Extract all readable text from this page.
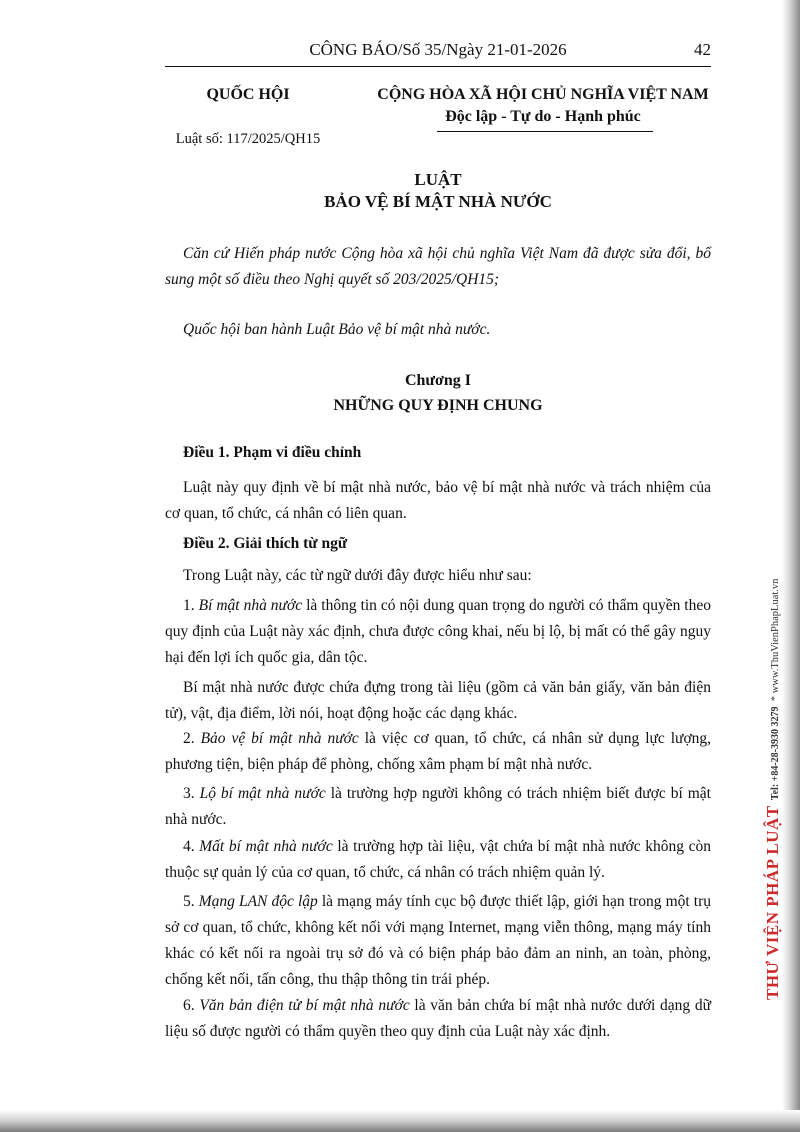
CÔNG BÁO/Số 35/Ngày 21-01-2026	42
QUỐC HỘI
Luật số: 117/2025/QH15
CỘNG HÒA XÃ HỘI CHỦ NGHĨA VIỆT NAM
Độc lập - Tự do - Hạnh phúc
LUẬT
BẢO VỆ BÍ MẬT NHÀ NƯỚC
Căn cứ Hiến pháp nước Cộng hòa xã hội chủ nghĩa Việt Nam đã được sửa đổi, bổ sung một số điều theo Nghị quyết số 203/2025/QH15;
Quốc hội ban hành Luật Bảo vệ bí mật nhà nước.
Chương I
NHỮNG QUY ĐỊNH CHUNG
Điều 1. Phạm vi điều chỉnh
Luật này quy định về bí mật nhà nước, bảo vệ bí mật nhà nước và trách nhiệm của cơ quan, tổ chức, cá nhân có liên quan.
Điều 2. Giải thích từ ngữ
Trong Luật này, các từ ngữ dưới đây được hiểu như sau:
1. Bí mật nhà nước là thông tin có nội dung quan trọng do người có thẩm quyền theo quy định của Luật này xác định, chưa được công khai, nếu bị lộ, bị mất có thể gây nguy hại đến lợi ích quốc gia, dân tộc.
Bí mật nhà nước được chứa đựng trong tài liệu (gồm cả văn bản giấy, văn bản điện tử), vật, địa điểm, lời nói, hoạt động hoặc các dạng khác.
2. Bảo vệ bí mật nhà nước là việc cơ quan, tổ chức, cá nhân sử dụng lực lượng, phương tiện, biện pháp để phòng, chống xâm phạm bí mật nhà nước.
3. Lộ bí mật nhà nước là trường hợp người không có trách nhiệm biết được bí mật nhà nước.
4. Mất bí mật nhà nước là trường hợp tài liệu, vật chứa bí mật nhà nước không còn thuộc sự quản lý của cơ quan, tổ chức, cá nhân có trách nhiệm quản lý.
5. Mạng LAN độc lập là mạng máy tính cục bộ được thiết lập, giới hạn trong một trụ sở cơ quan, tổ chức, không kết nối với mạng Internet, mạng viễn thông, mạng máy tính khác có kết nối ra ngoài trụ sở đó và có biện pháp bảo đảm an ninh, an toàn, phòng, chống kết nối, tấn công, thu thập thông tin trái phép.
6. Văn bản điện tử bí mật nhà nước là văn bản chứa bí mật nhà nước dưới dạng dữ liệu số được người có thẩm quyền theo quy định của Luật này xác định.
THƯ VIỆN PHÁP LUẬT  Tel: +84-28-3930 3279  * www.ThuVienPhapLuat.vn
